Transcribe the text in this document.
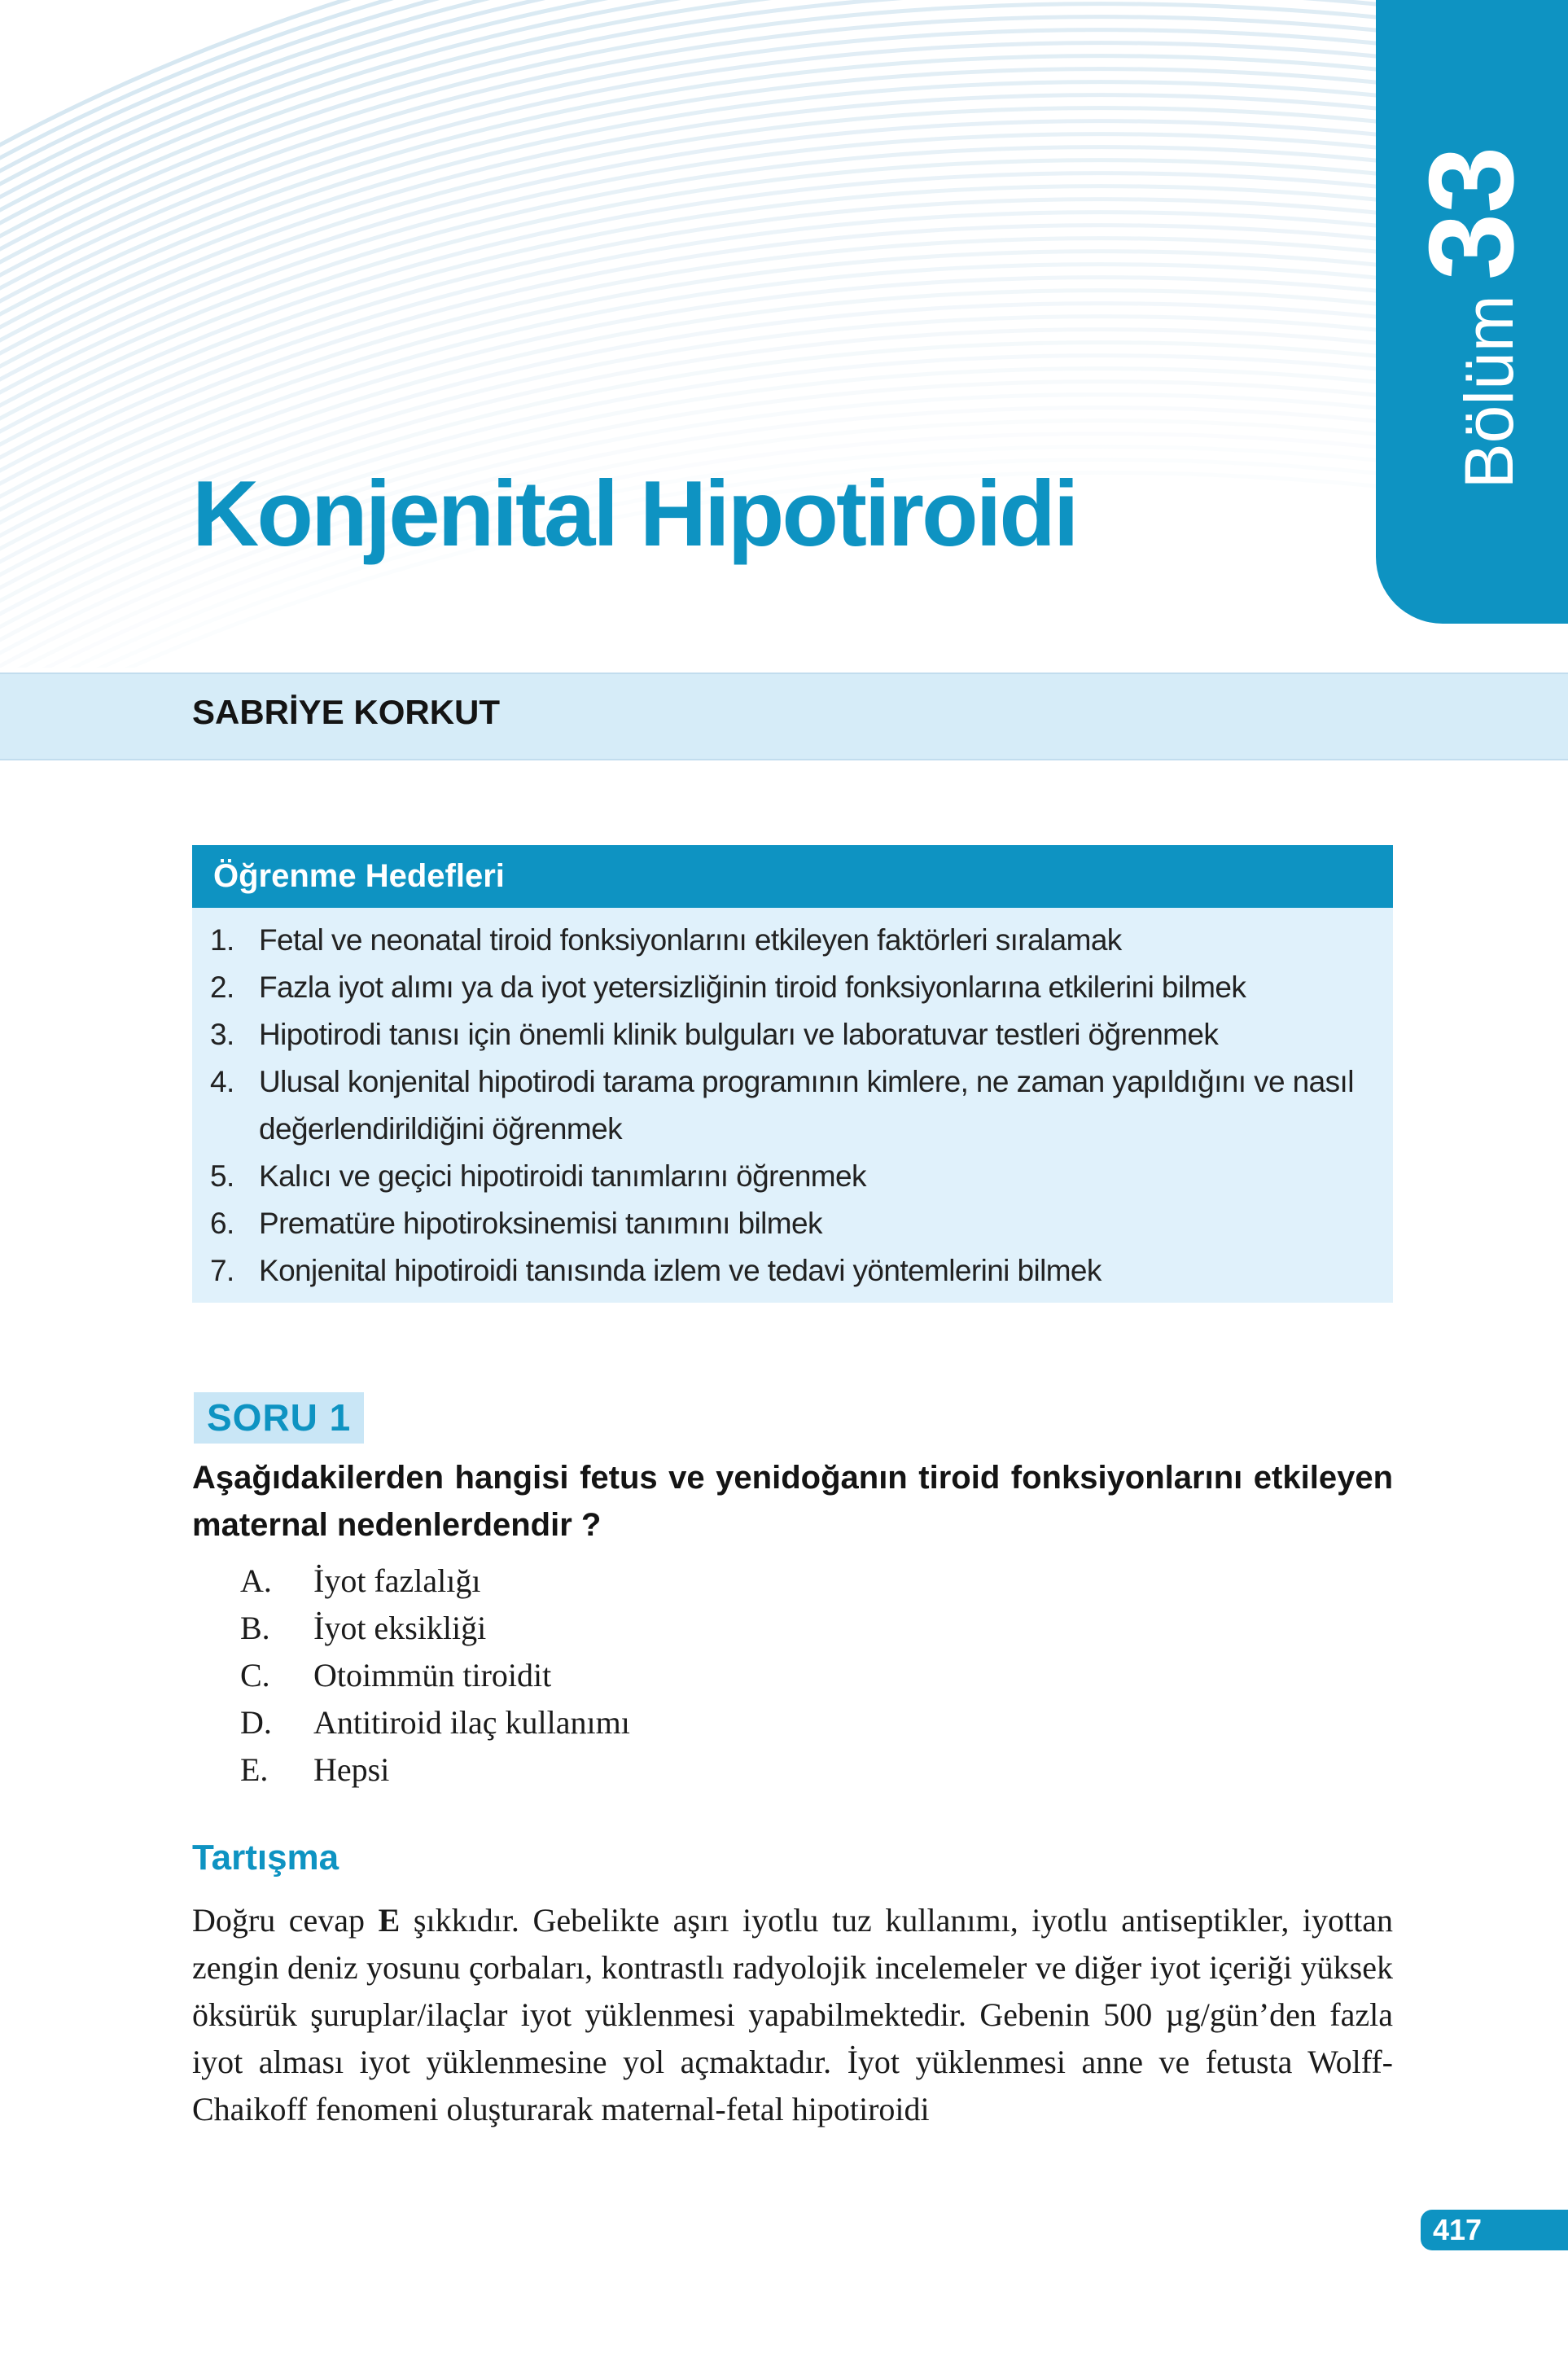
Bölüm33
Konjenital Hipotiroidi
SABRİYE KORKUT
Öğrenme Hedefleri
1. Fetal ve neonatal tiroid fonksiyonlarını etkileyen faktörleri sıralamak
2. Fazla iyot alımı ya da iyot yetersizliğinin tiroid fonksiyonlarına etkilerini bilmek
3. Hipotirodi tanısı için önemli klinik bulguları ve laboratuvar testleri öğrenmek
4. Ulusal konjenital hipotirodi tarama programının kimlere, ne zaman yapıldığını ve nasıl değerlendirildiğini öğrenmek
5. Kalıcı ve geçici hipotiroidi tanımlarını öğrenmek
6. Prematüre hipotiroksinemisi tanımını bilmek
7. Konjenital hipotiroidi tanısında izlem ve tedavi yöntemlerini bilmek
SORU 1

Aşağıdakilerden hangisi fetus ve yenidoğanın tiroid fonksiyonlarını etkileyen maternal nedenlerdendir ?

A.	İyot fazlalığı
B.	İyot eksikliği
C.	Otoimmün tiroidit
D.	Antitiroid ilaç kullanımı
E.	Hepsi
Tartışma

Doğru cevap E şıkkıdır. Gebelikte aşırı iyotlu tuz kullanımı, iyotlu antiseptikler, iyottan zengin deniz yosunu çorbaları, kontrastlı radyolojik incelemeler ve diğer iyot içeriği yüksek öksürük şuruplar/ilaçlar iyot yüklenmesi yapabilmektedir. Gebenin 500 µg/gün’den fazla iyot alması iyot yüklenmesine yol açmaktadır. İyot yüklenmesi anne ve fetusta Wolff-Chaikoff fenomeni oluşturarak maternal-fetal hipotiroidi

417
